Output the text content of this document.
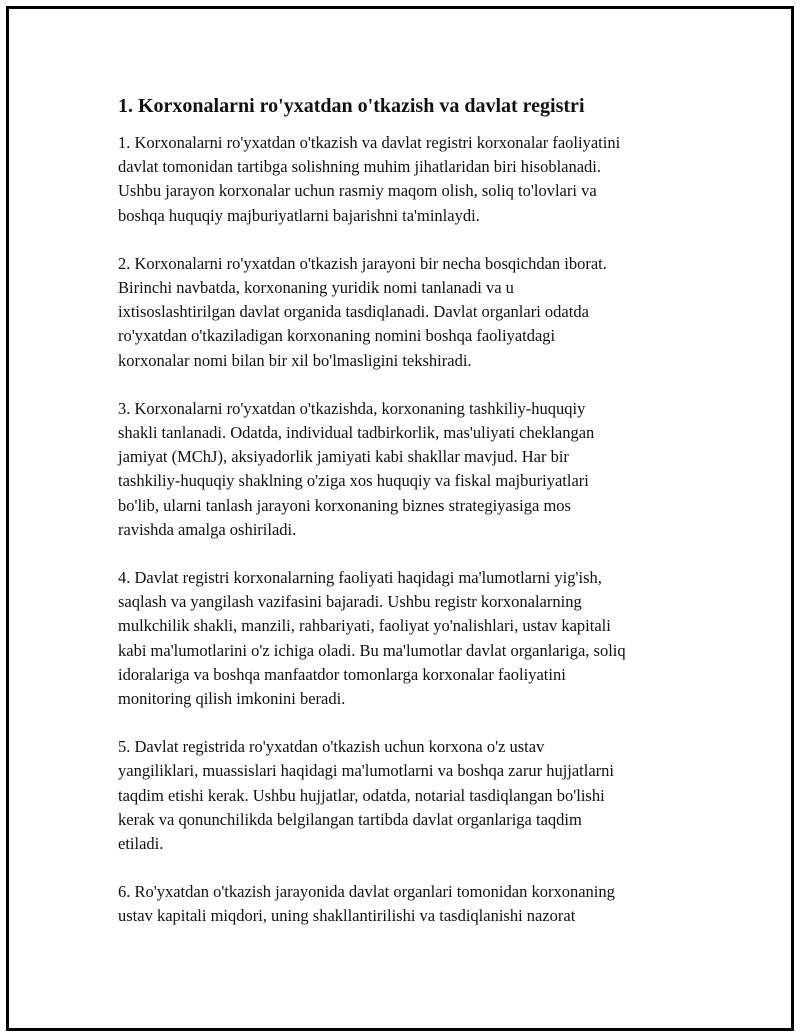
1. Korxonalarni ro'yxatdan o'tkazish va davlat registri

1. Korxonalarni ro'yxatdan o'tkazish va davlat registri korxonalar faoliyatini
davlat tomonidan tartibga solishning muhim jihatlaridan biri hisoblanadi.
Ushbu jarayon korxonalar uchun rasmiy maqom olish, soliq to'lovlari va
boshqa huquqiy majburiyatlarni bajarishni ta'minlaydi.

2. Korxonalarni ro'yxatdan o'tkazish jarayoni bir necha bosqichdan iborat.
Birinchi navbatda, korxonaning yuridik nomi tanlanadi va u
ixtisoslashtirilgan davlat organida tasdiqlanadi. Davlat organlari odatda
ro'yxatdan o'tkaziladigan korxonaning nomini boshqa faoliyatdagi
korxonalar nomi bilan bir xil bo'lmasligini tekshiradi.

3. Korxonalarni ro'yxatdan o'tkazishda, korxonaning tashkiliy-huquqiy
shakli tanlanadi. Odatda, individual tadbirkorlik, mas'uliyati cheklangan
jamiyat (MChJ), aksiyadorlik jamiyati kabi shakllar mavjud. Har bir
tashkiliy-huquqiy shaklning o'ziga xos huquqiy va fiskal majburiyatlari
bo'lib, ularni tanlash jarayoni korxonaning biznes strategiyasiga mos
ravishda amalga oshiriladi.

4. Davlat registri korxonalarning faoliyati haqidagi ma'lumotlarni yig'ish,
saqlash va yangilash vazifasini bajaradi. Ushbu registr korxonalarning
mulkchilik shakli, manzili, rahbariyati, faoliyat yo'nalishlari, ustav kapitali
kabi ma'lumotlarini o'z ichiga oladi. Bu ma'lumotlar davlat organlariga, soliq
idoralariga va boshqa manfaatdor tomonlarga korxonalar faoliyatini
monitoring qilish imkonini beradi.

5. Davlat registrida ro'yxatdan o'tkazish uchun korxona o'z ustav
yangiliklari, muassislari haqidagi ma'lumotlarni va boshqa zarur hujjatlarni
taqdim etishi kerak. Ushbu hujjatlar, odatda, notarial tasdiqlangan bo'lishi
kerak va qonunchilikda belgilangan tartibda davlat organlariga taqdim
etiladi.

6. Ro'yxatdan o'tkazish jarayonida davlat organlari tomonidan korxonaning
ustav kapitali miqdori, uning shakllantirilishi va tasdiqlanishi nazorat
